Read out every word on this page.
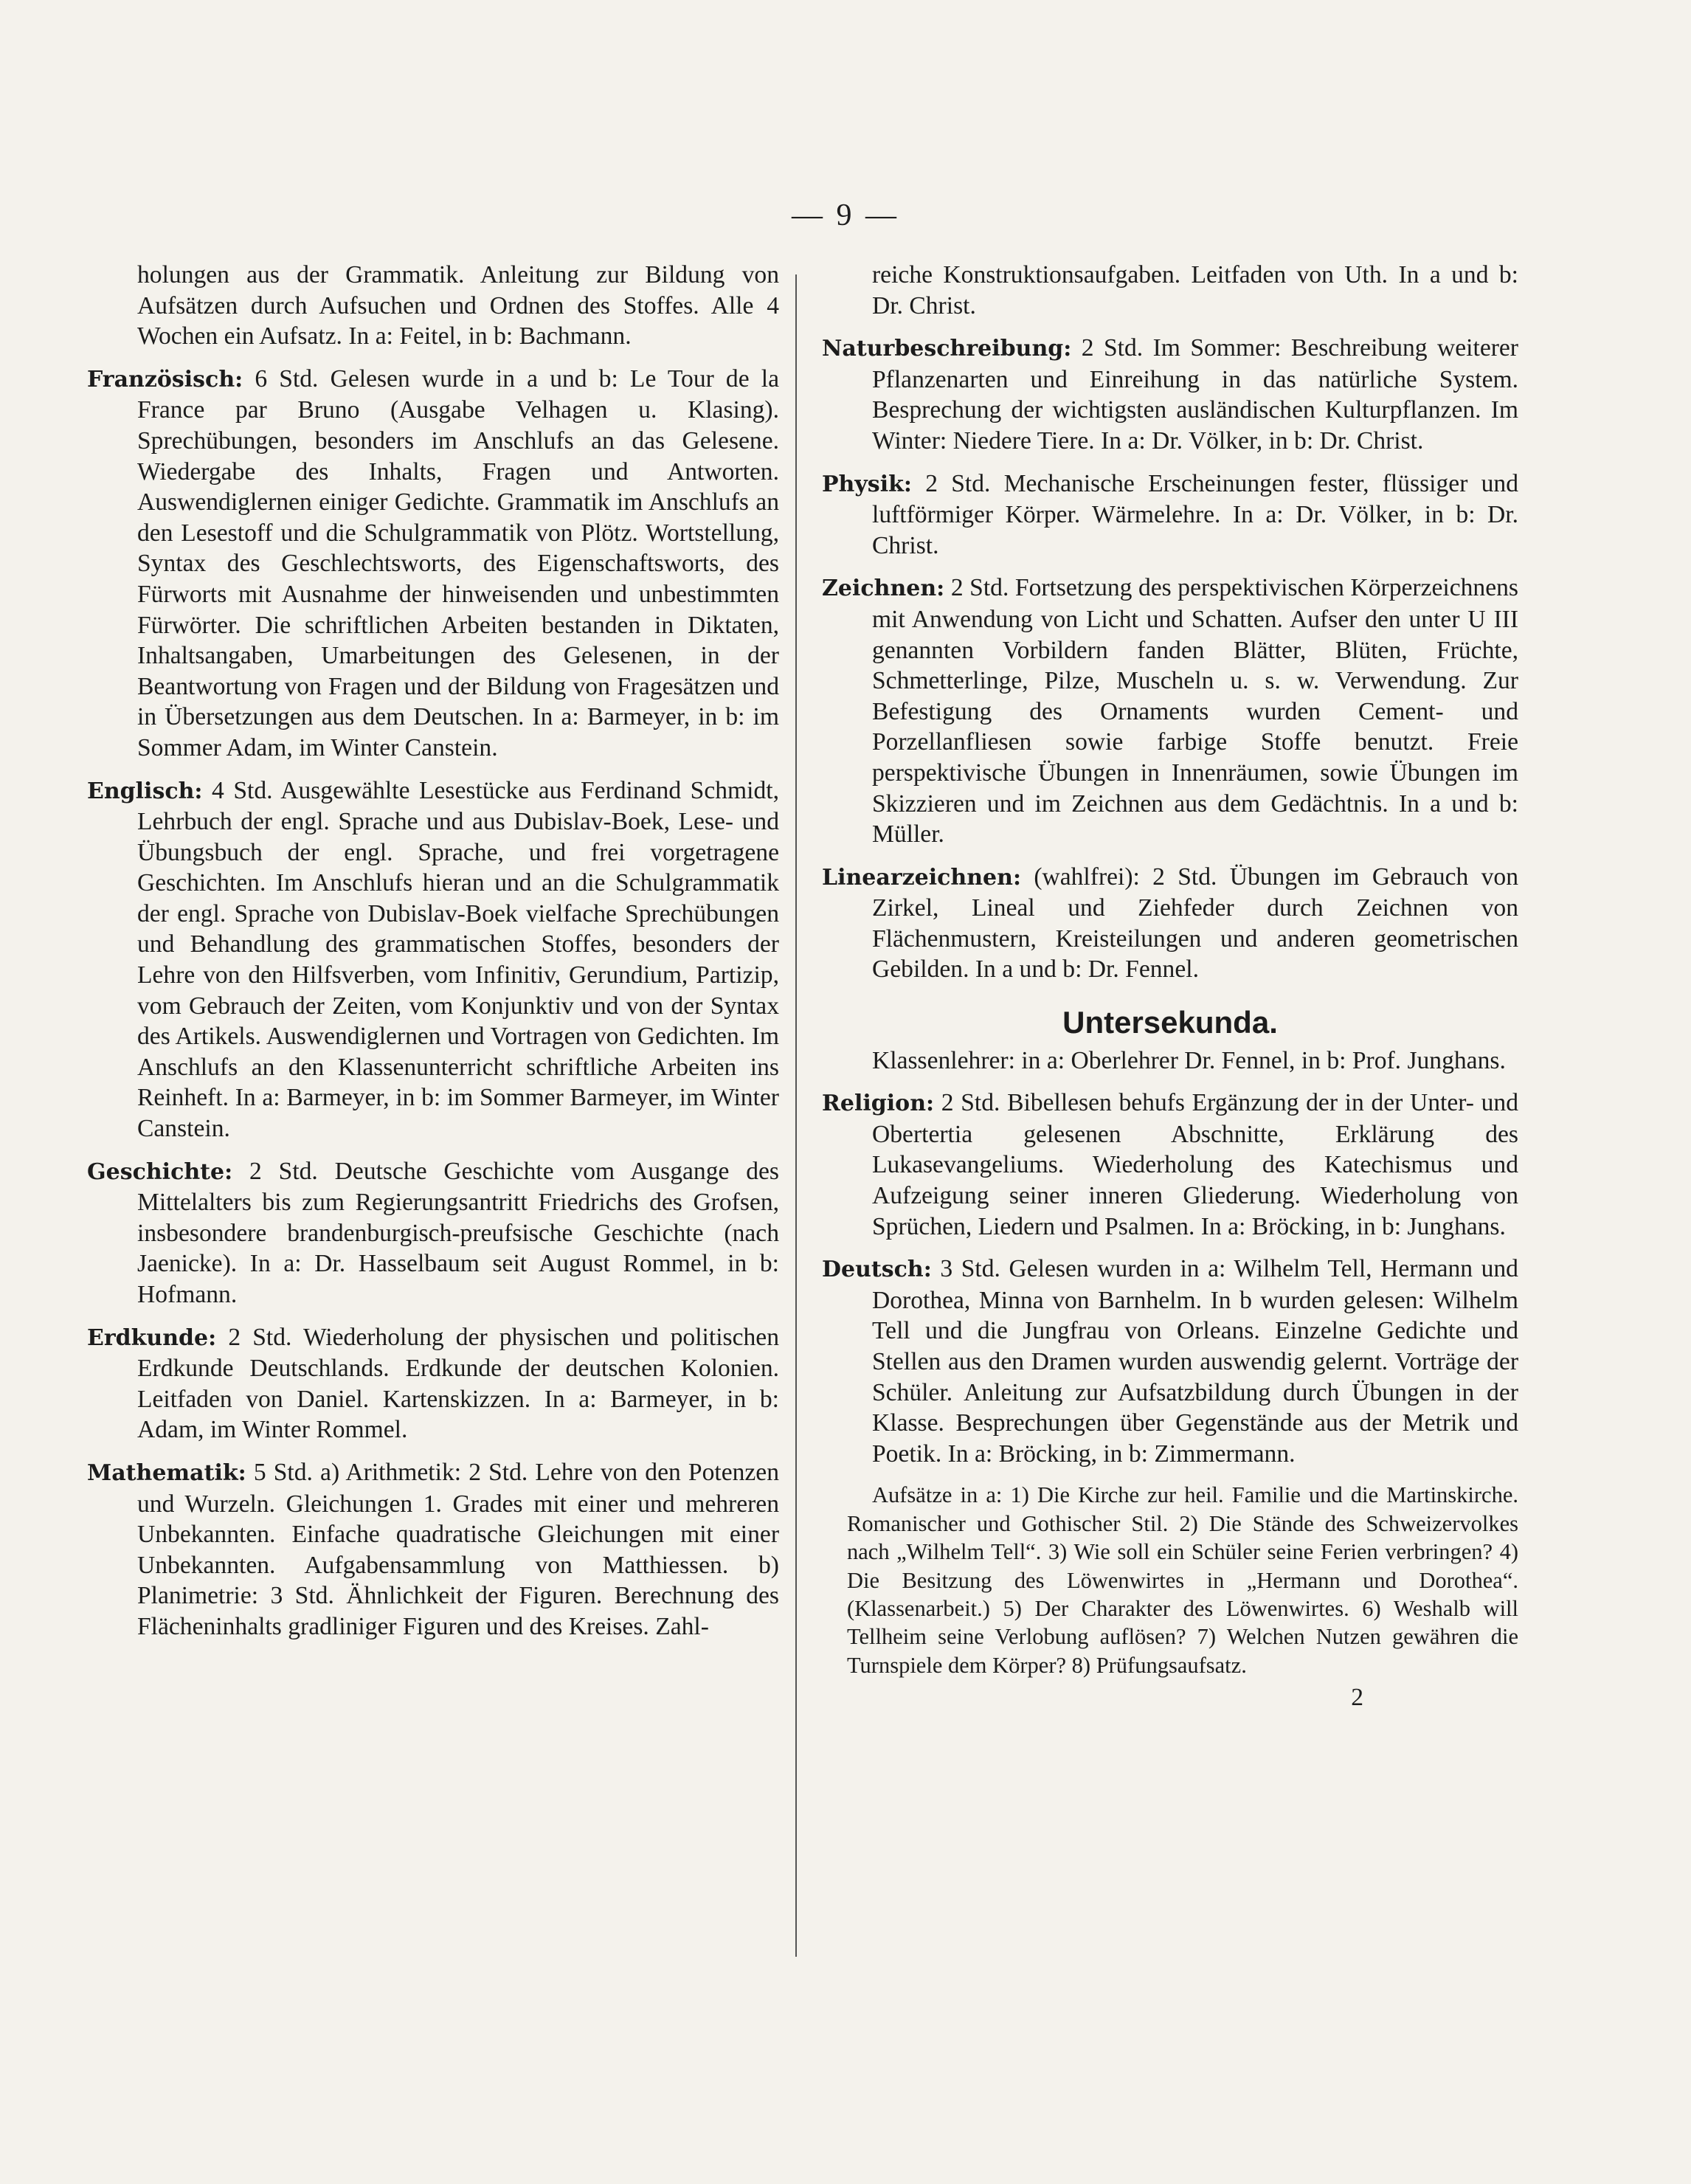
— 9 —
holungen aus der Grammatik. Anleitung zur Bildung von Aufsätzen durch Aufsuchen und Ordnen des Stoffes. Alle 4 Wochen ein Aufsatz. In a: Feitel, in b: Bachmann.
Französisch: 6 Std. Gelesen wurde in a und b: Le Tour de la France par Bruno (Ausgabe Velhagen u. Klasing). Sprechübungen, besonders im Anschlufs an das Gelesene. Wiedergabe des Inhalts, Fragen und Antworten. Auswendiglernen einiger Gedichte. Grammatik im Anschlufs an den Lesestoff und die Schulgrammatik von Plötz. Wortstellung, Syntax des Geschlechtsworts, des Eigenschaftsworts, des Fürworts mit Ausnahme der hinweisenden und unbestimmten Fürwörter. Die schriftlichen Arbeiten bestanden in Diktaten, Inhaltsangaben, Umarbeitungen des Gelesenen, in der Beantwortung von Fragen und der Bildung von Fragesätzen und in Übersetzungen aus dem Deutschen. In a: Barmeyer, in b: im Sommer Adam, im Winter Canstein.
Englisch: 4 Std. Ausgewählte Lesestücke aus Ferdinand Schmidt, Lehrbuch der engl. Sprache und aus Dubislav-Boek, Lese- und Übungsbuch der engl. Sprache, und frei vorgetragene Geschichten. Im Anschlufs hieran und an die Schulgrammatik der engl. Sprache von Dubislav-Boek vielfache Sprechübungen und Behandlung des grammatischen Stoffes, besonders der Lehre von den Hilfsverben, vom Infinitiv, Gerundium, Partizip, vom Gebrauch der Zeiten, vom Konjunktiv und von der Syntax des Artikels. Auswendiglernen und Vortragen von Gedichten. Im Anschlufs an den Klassenunterricht schriftliche Arbeiten ins Reinheft. In a: Barmeyer, in b: im Sommer Barmeyer, im Winter Canstein.
Geschichte: 2 Std. Deutsche Geschichte vom Ausgange des Mittelalters bis zum Regierungsantritt Friedrichs des Grofsen, insbesondere brandenburgisch-preufsische Geschichte (nach Jaenicke). In a: Dr. Hasselbaum seit August Rommel, in b: Hofmann.
Erdkunde: 2 Std. Wiederholung der physischen und politischen Erdkunde Deutschlands. Erdkunde der deutschen Kolonien. Leitfaden von Daniel. Kartenskizzen. In a: Barmeyer, in b: Adam, im Winter Rommel.
Mathematik: 5 Std. a) Arithmetik: 2 Std. Lehre von den Potenzen und Wurzeln. Gleichungen 1. Grades mit einer und mehreren Unbekannten. Einfache quadratische Gleichungen mit einer Unbekannten. Aufgabensammlung von Matthiessen. b) Planimetrie: 3 Std. Ähnlichkeit der Figuren. Berechnung des Flächeninhalts gradliniger Figuren und des Kreises. Zahl-
reiche Konstruktionsaufgaben. Leitfaden von Uth. In a und b: Dr. Christ.
Naturbeschreibung: 2 Std. Im Sommer: Beschreibung weiterer Pflanzenarten und Einreihung in das natürliche System. Besprechung der wichtigsten ausländischen Kulturpflanzen. Im Winter: Niedere Tiere. In a: Dr. Völker, in b: Dr. Christ.
Physik: 2 Std. Mechanische Erscheinungen fester, flüssiger und luftförmiger Körper. Wärmelehre. In a: Dr. Völker, in b: Dr. Christ.
Zeichnen: 2 Std. Fortsetzung des perspektivischen Körperzeichnens mit Anwendung von Licht und Schatten. Aufser den unter U III genannten Vorbildern fanden Blätter, Blüten, Früchte, Schmetterlinge, Pilze, Muscheln u. s. w. Verwendung. Zur Befestigung des Ornaments wurden Cement- und Porzellanfliesen sowie farbige Stoffe benutzt. Freie perspektivische Übungen in Innenräumen, sowie Übungen im Skizzieren und im Zeichnen aus dem Gedächtnis. In a und b: Müller.
Linearzeichnen: (wahlfrei): 2 Std. Übungen im Gebrauch von Zirkel, Lineal und Ziehfeder durch Zeichnen von Flächenmustern, Kreisteilungen und anderen geometrischen Gebilden. In a und b: Dr. Fennel.
Untersekunda.
Klassenlehrer: in a: Oberlehrer Dr. Fennel, in b: Prof. Junghans.
Religion: 2 Std. Bibellesen behufs Ergänzung der in der Unter- und Obertertia gelesenen Abschnitte, Erklärung des Lukasevangeliums. Wiederholung des Katechismus und Aufzeigung seiner inneren Gliederung. Wiederholung von Sprüchen, Liedern und Psalmen. In a: Bröcking, in b: Junghans.
Deutsch: 3 Std. Gelesen wurden in a: Wilhelm Tell, Hermann und Dorothea, Minna von Barnhelm. In b wurden gelesen: Wilhelm Tell und die Jungfrau von Orleans. Einzelne Gedichte und Stellen aus den Dramen wurden auswendig gelernt. Vorträge der Schüler. Anleitung zur Aufsatzbildung durch Übungen in der Klasse. Besprechungen über Gegenstände aus der Metrik und Poetik. In a: Bröcking, in b: Zimmermann.
Aufsätze in a: 1) Die Kirche zur heil. Familie und die Martinskirche. Romanischer und Gothischer Stil. 2) Die Stände des Schweizervolkes nach „Wilhelm Tell“. 3) Wie soll ein Schüler seine Ferien verbringen? 4) Die Besitzung des Löwenwirtes in „Hermann und Dorothea“. (Klassenarbeit.) 5) Der Charakter des Löwenwirtes. 6) Weshalb will Tellheim seine Verlobung auflösen? 7) Welchen Nutzen gewähren die Turnspiele dem Körper? 8) Prüfungsaufsatz.
2
